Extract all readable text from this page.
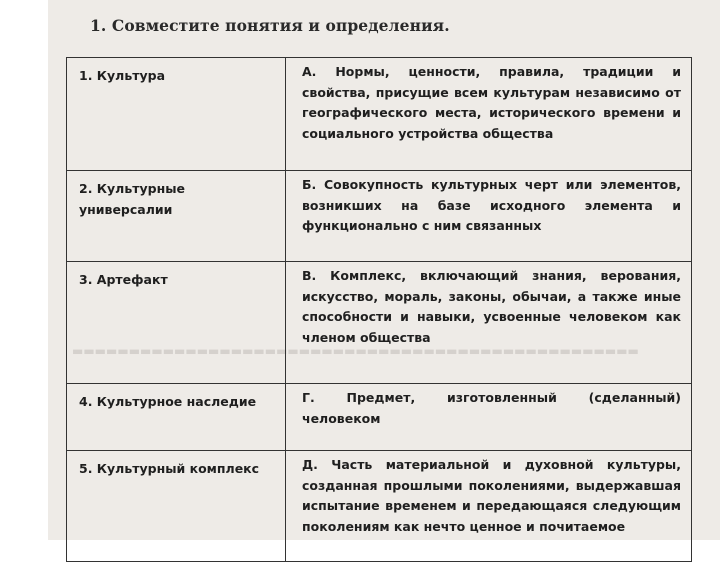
▬▬▬▬▬▬▬▬▬▬▬▬▬▬▬▬▬▬▬▬▬▬▬▬▬▬▬▬▬▬▬▬▬▬▬▬▬▬▬▬▬▬▬▬▬▬▬▬▬▬
1. Совместите понятия и определения.
1. Культура	А. Нормы, ценности, правила, традиции и свойства, присущие всем культурам независимо от географического места, исторического времени и социального устройства общества
2. Культурные универсалии	Б. Совокупность культурных черт или элементов, возникших на базе исходного элемента и функционально с ним связанных
3. Артефакт	В. Комплекс, включающий знания, верования, искусство, мораль, законы, обычаи, а также иные способности и навыки, усвоенные человеком как членом общества
4. Культурное наследие	Г. Предмет, изготовленный (сделанный) человеком
5. Культурный комплекс	Д. Часть материальной и духовной культуры, созданная прошлыми поколениями, выдержавшая испытание временем и передающаяся следующим поколениям как нечто ценное и почитаемое
